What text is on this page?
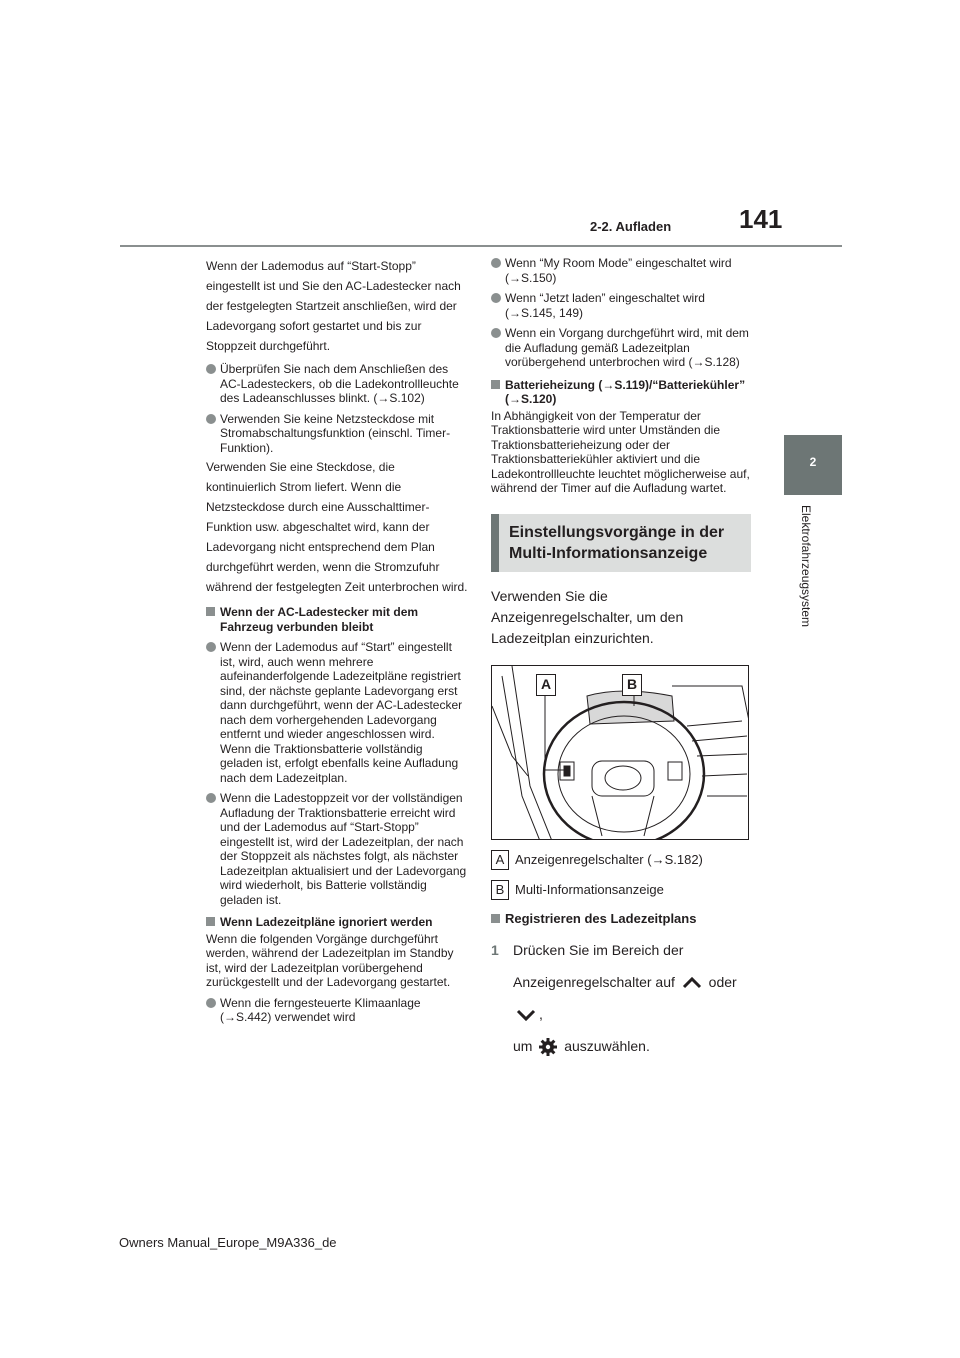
2-2. Aufladen	141
2
Elektrofahrzeugsystem
Wenn der Lademodus auf “Start-Stopp” eingestellt ist und Sie den AC-Ladestecker nach der festgelegten Startzeit anschließen, wird der Ladevorgang sofort gestartet und bis zur Stoppzeit durchgeführt.
Überprüfen Sie nach dem Anschließen des AC-Ladesteckers, ob die Ladekontrollleuchte des Ladeanschlusses blinkt. (→S.102)
Verwenden Sie keine Netzsteckdose mit Stromabschaltungsfunktion (einschl. Timer-Funktion).
Verwenden Sie eine Steckdose, die kontinuierlich Strom liefert. Wenn die Netzsteckdose durch eine Ausschalttimer-Funktion usw. abgeschaltet wird, kann der Ladevorgang nicht entsprechend dem Plan durchgeführt werden, wenn die Stromzufuhr während der festgelegten Zeit unterbrochen wird.
Wenn der AC-Ladestecker mit dem Fahrzeug verbunden bleibt
Wenn der Lademodus auf “Start” eingestellt ist, wird, auch wenn mehrere aufeinanderfolgende Ladezeitpläne registriert sind, der nächste geplante Ladevorgang erst dann durchgeführt, wenn der AC-Ladestecker nach dem vorhergehenden Ladevorgang entfernt und wieder angeschlossen wird. Wenn die Traktionsbatterie vollständig geladen ist, erfolgt ebenfalls keine Aufladung nach dem Ladezeitplan.
Wenn die Ladestoppzeit vor der vollständigen Aufladung der Traktionsbatterie erreicht wird und der Lademodus auf “Start-Stopp” eingestellt ist, wird der Ladezeitplan, der nach der Stoppzeit als nächstes folgt, als nächster Ladezeitplan aktualisiert und der Ladevorgang wird wiederholt, bis Batterie vollständig geladen ist.
Wenn Ladezeitpläne ignoriert werden
Wenn die folgenden Vorgänge durchgeführt werden, während der Ladezeitplan im Standby ist, wird der Ladezeitplan vorübergehend zurückgestellt und der Ladevorgang gestartet.
Wenn die ferngesteuerte Klimaanlage (→S.442) verwendet wird
Wenn “My Room Mode” eingeschaltet wird (→S.150)
Wenn “Jetzt laden” eingeschaltet wird (→S.145, 149)
Wenn ein Vorgang durchgeführt wird, mit dem die Aufladung gemäß Ladezeitplan vorübergehend unterbrochen wird (→S.128)
Batterieheizung (→S.119)/“Batteriekühler” (→S.120)
In Abhängigkeit von der Temperatur der Traktionsbatterie wird unter Umständen die Traktionsbatterieheizung oder der Traktionsbatteriekühler aktiviert und die Ladekontrollleuchte leuchtet möglicherweise auf, während der Timer auf die Aufladung wartet.
Einstellungsvorgänge in der Multi-Informationsanzeige
Verwenden Sie die Anzeigenregelschalter, um den Ladezeitplan einzurichten.
A	B
A Anzeigenregelschalter (→S.182)
B Multi-Informationsanzeige
Registrieren des Ladezeitplans
1 Drücken Sie im Bereich der Anzeigenregelschalter auf oder ,
um auszuwählen.
Owners Manual_Europe_M9A336_de
